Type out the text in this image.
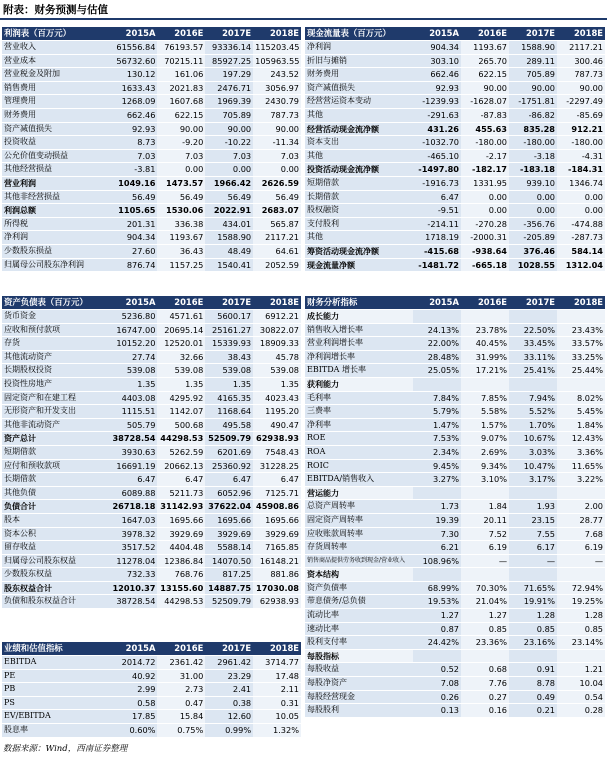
附表：财务预测与估值
利润表（百万元）	2015A	2016E	2017E	2018E
营业收入	61556.84	76193.57	93336.14	115203.45
营业成本	56732.60	70215.11	85927.25	105963.55
营业税金及附加	130.12	161.06	197.29	243.52
销售费用	1633.43	2021.83	2476.71	3056.97
管理费用	1268.09	1607.68	1969.39	2430.79
财务费用	662.46	622.15	705.89	787.73
资产减值损失	92.93	90.00	90.00	90.00
投资收益	8.73	-9.20	-10.22	-11.34
公允价值变动损益	7.03	7.03	7.03	7.03
其他经营损益	-3.81	0.00	0.00	0.00
营业利润	1049.16	1473.57	1966.42	2626.59
其他非经营损益	56.49	56.49	56.49	56.49
利润总额	1105.65	1530.06	2022.91	2683.07
所得税	201.31	336.38	434.01	565.87
净利润	904.34	1193.67	1588.90	2117.21
少数股东损益	27.60	36.43	48.49	64.61
归属母公司股东净利润	876.74	1157.25	1540.41	2052.59
现金流量表（百万元）	2015A	2016E	2017E	2018E
净利润	904.34	1193.67	1588.90	2117.21
折旧与摊销	303.10	265.70	289.11	300.46
财务费用	662.46	622.15	705.89	787.73
资产减值损失	92.93	90.00	90.00	90.00
经营营运资本变动	-1239.93	-1628.07	-1751.81	-2297.49
其他	-291.63	-87.83	-86.82	-85.69
经营活动现金流净额	431.26	455.63	835.28	912.21
资本支出	-1032.70	-180.00	-180.00	-180.00
其他	-465.10	-2.17	-3.18	-4.31
投资活动现金流净额	-1497.80	-182.17	-183.18	-184.31
短期借款	-1916.73	1331.95	939.10	1346.74
长期借款	6.47	0.00	0.00	0.00
股权融资	-9.51	0.00	0.00	0.00
支付股利	-214.11	-270.28	-356.76	-474.88
其他	1718.19	-2000.31	-205.89	-287.73
筹资活动现金流净额	-415.68	-938.64	376.46	584.14
现金流量净额	-1481.72	-665.18	1028.55	1312.04
资产负债表（百万元）	2015A	2016E	2017E	2018E
货币资金	5236.80	4571.61	5600.17	6912.21
应收和预付款项	16747.00	20695.14	25161.27	30822.07
存货	10152.20	12520.01	15339.93	18909.33
其他流动资产	27.74	32.66	38.43	45.78
长期股权投资	539.08	539.08	539.08	539.08
投资性房地产	1.35	1.35	1.35	1.35
固定资产和在建工程	4403.08	4295.92	4165.35	4023.43
无形资产和开发支出	1115.51	1142.07	1168.64	1195.20
其他非流动资产	505.79	500.68	495.58	490.47
资产总计	38728.54	44298.53	52509.79	62938.93
短期借款	3930.63	5262.59	6201.69	7548.43
应付和预收款项	16691.19	20662.13	25360.92	31228.25
长期借款	6.47	6.47	6.47	6.47
其他负债	6089.88	5211.73	6052.96	7125.71
负债合计	26718.18	31142.93	37622.04	45908.86
股本	1647.03	1695.66	1695.66	1695.66
资本公积	3978.32	3929.69	3929.69	3929.69
留存收益	3517.52	4404.48	5588.14	7165.85
归属母公司股东权益	11278.04	12386.84	14070.50	16148.21
少数股东权益	732.33	768.76	817.25	881.86
股东权益合计	12010.37	13155.60	14887.75	17030.08
负债和股东权益合计	38728.54	44298.53	52509.79	62938.93
财务分析指标	2015A	2016E	2017E	2018E
成长能力				
销售收入增长率	24.13%	23.78%	22.50%	23.43%
营业利润增长率	22.00%	40.45%	33.45%	33.57%
净利润增长率	28.48%	31.99%	33.11%	33.25%
EBITDA 增长率	25.05%	17.21%	25.41%	25.44%
获利能力				
毛利率	7.84%	7.85%	7.94%	8.02%
三费率	5.79%	5.58%	5.52%	5.45%
净利率	1.47%	1.57%	1.70%	1.84%
ROE	7.53%	9.07%	10.67%	12.43%
ROA	2.34%	2.69%	3.03%	3.36%
ROIC	9.45%	9.34%	10.47%	11.65%
EBITDA/销售收入	3.27%	3.10%	3.17%	3.22%
营运能力				
总资产周转率	1.73	1.84	1.93	2.00
固定资产周转率	19.39	20.11	23.15	28.77
应收账款周转率	7.30	7.52	7.55	7.68
存货周转率	6.21	6.19	6.17	6.19
销售商品提供劳务收到现金/营业收入	108.96%	—	—	—
资本结构				
资产负债率	68.99%	70.30%	71.65%	72.94%
带息债务/总负债	19.53%	21.04%	19.91%	19.25%
流动比率	1.27	1.27	1.28	1.28
速动比率	0.87	0.85	0.85	0.85
股利支付率	24.42%	23.36%	23.16%	23.14%
每股指标				
每股收益	0.52	0.68	0.91	1.21
每股净资产	7.08	7.76	8.78	10.04
每股经营现金	0.26	0.27	0.49	0.54
每股股利	0.13	0.16	0.21	0.28
业绩和估值指标	2015A	2016E	2017E	2018E
EBITDA	2014.72	2361.42	2961.42	3714.77
PE	40.92	31.00	23.29	17.48
PB	2.99	2.73	2.41	2.11
PS	0.58	0.47	0.38	0.31
EV/EBITDA	17.85	15.84	12.60	10.05
股息率	0.60%	0.75%	0.99%	1.32%
数据来源：Wind，西南证券整理
